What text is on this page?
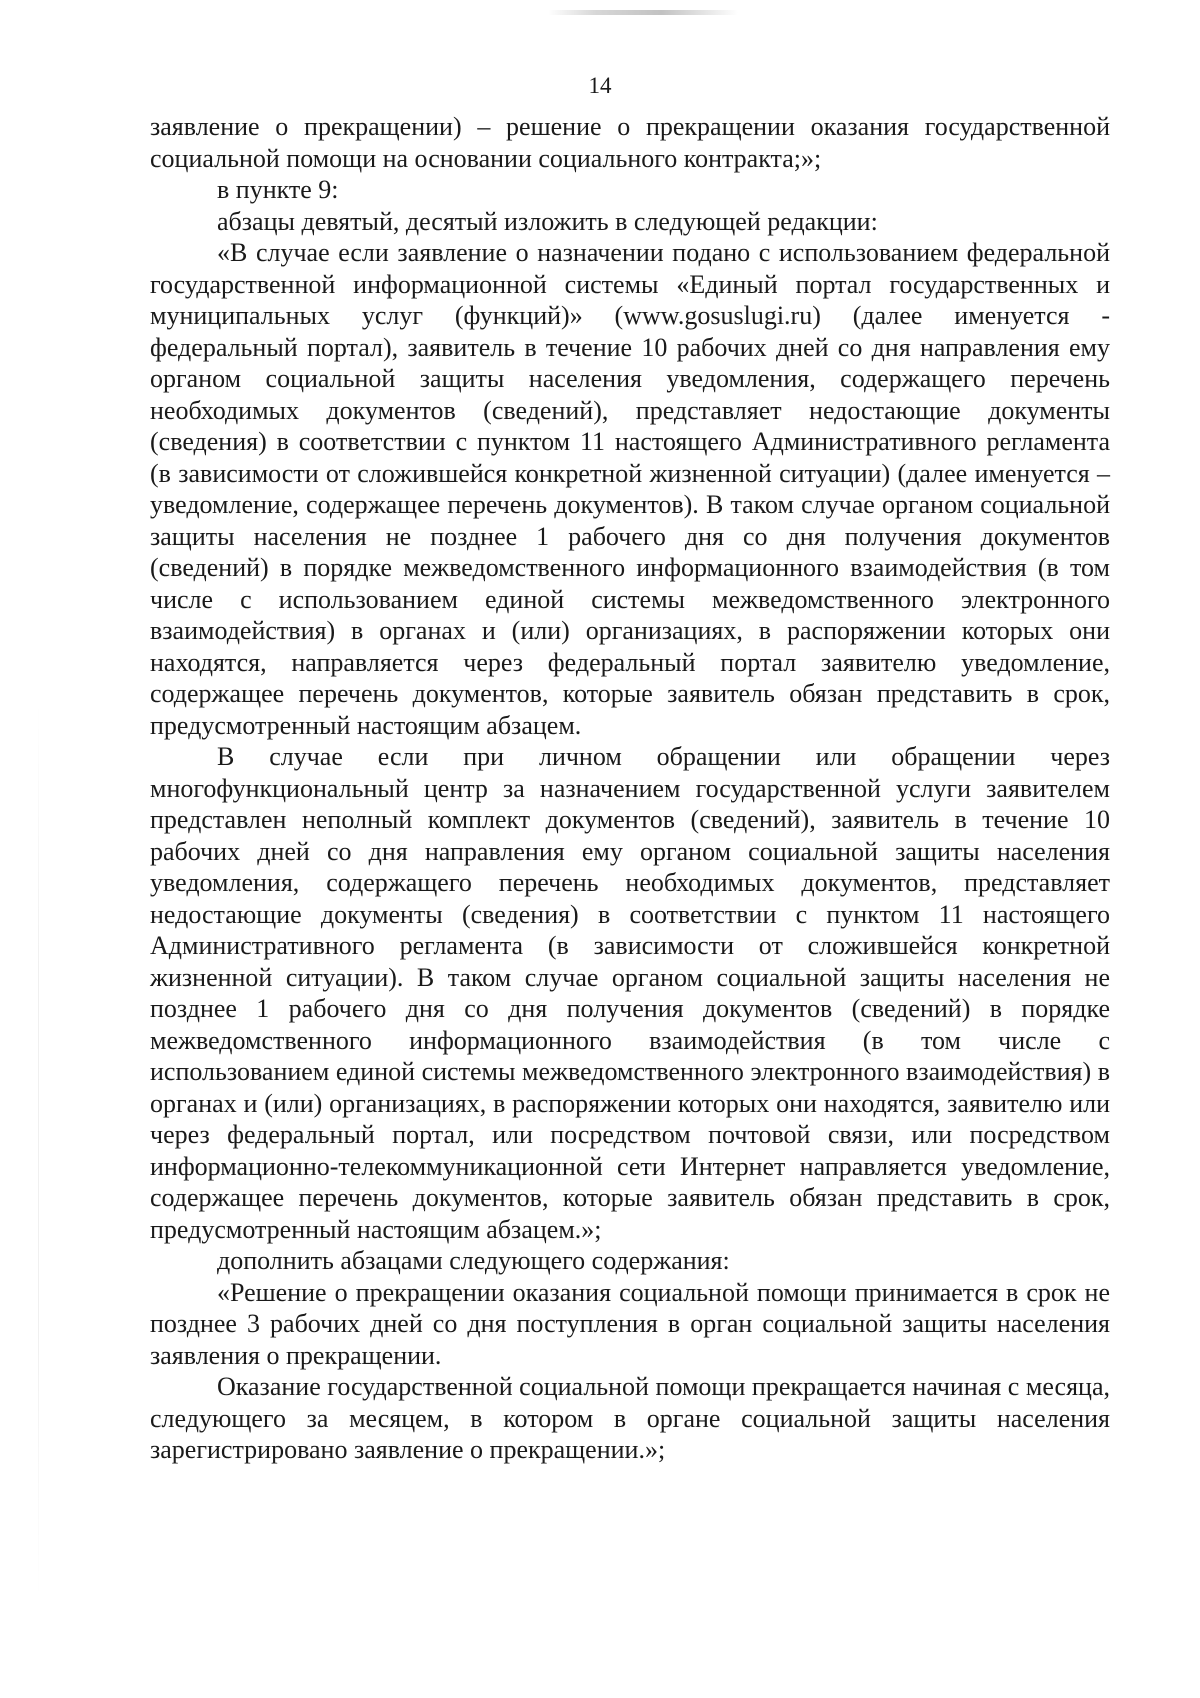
14

заявление о прекращении) – решение о прекращении оказания государственной социальной помощи на основании социального контракта;»;

в пункте 9:

абзацы девятый, десятый изложить в следующей редакции:

«В случае если заявление о назначении подано с использованием федеральной государственной информационной системы «Единый портал государственных и муниципальных услуг (функций)» (www.gosuslugi.ru) (далее именуется - федеральный портал), заявитель в течение 10 рабочих дней со дня направления ему органом социальной защиты населения уведомления, содержащего перечень необходимых документов (сведений), представляет недостающие документы (сведения) в соответствии с пунктом 11 настоящего Административного регламента (в зависимости от сложившейся конкретной жизненной ситуации) (далее именуется – уведомление, содержащее перечень документов). В таком случае органом социальной защиты населения не позднее 1 рабочего дня со дня получения документов (сведений) в порядке межведомственного информационного взаимодействия (в том числе с использованием единой системы межведомственного электронного взаимодействия) в органах и (или) организациях, в распоряжении которых они находятся, направляется через федеральный портал заявителю уведомление, содержащее перечень документов, которые заявитель обязан представить в срок, предусмотренный настоящим абзацем.

В случае если при личном обращении или обращении через многофункциональный центр за назначением государственной услуги заявителем представлен неполный комплект документов (сведений), заявитель в течение 10 рабочих дней со дня направления ему органом социальной защиты населения уведомления, содержащего перечень необходимых документов, представляет недостающие документы (сведения) в соответствии с пунктом 11 настоящего Административного регламента (в зависимости от сложившейся конкретной жизненной ситуации). В таком случае органом социальной защиты населения не позднее 1 рабочего дня со дня получения документов (сведений) в порядке межведомственного информационного взаимодействия (в том числе с использованием единой системы межведомственного электронного взаимодействия) в органах и (или) организациях, в распоряжении которых они находятся, заявителю или через федеральный портал, или посредством почтовой связи, или посредством информационно-телекоммуникационной сети Интернет направляется уведомление, содержащее перечень документов, которые заявитель обязан представить в срок, предусмотренный настоящим абзацем.»;

дополнить абзацами следующего содержания:

«Решение о прекращении оказания социальной помощи принимается в срок не позднее 3 рабочих дней со дня поступления в орган социальной защиты населения заявления о прекращении.

Оказание государственной социальной помощи прекращается начиная с месяца, следующего за месяцем, в котором в органе социальной защиты населения зарегистрировано заявление о прекращении.»;
